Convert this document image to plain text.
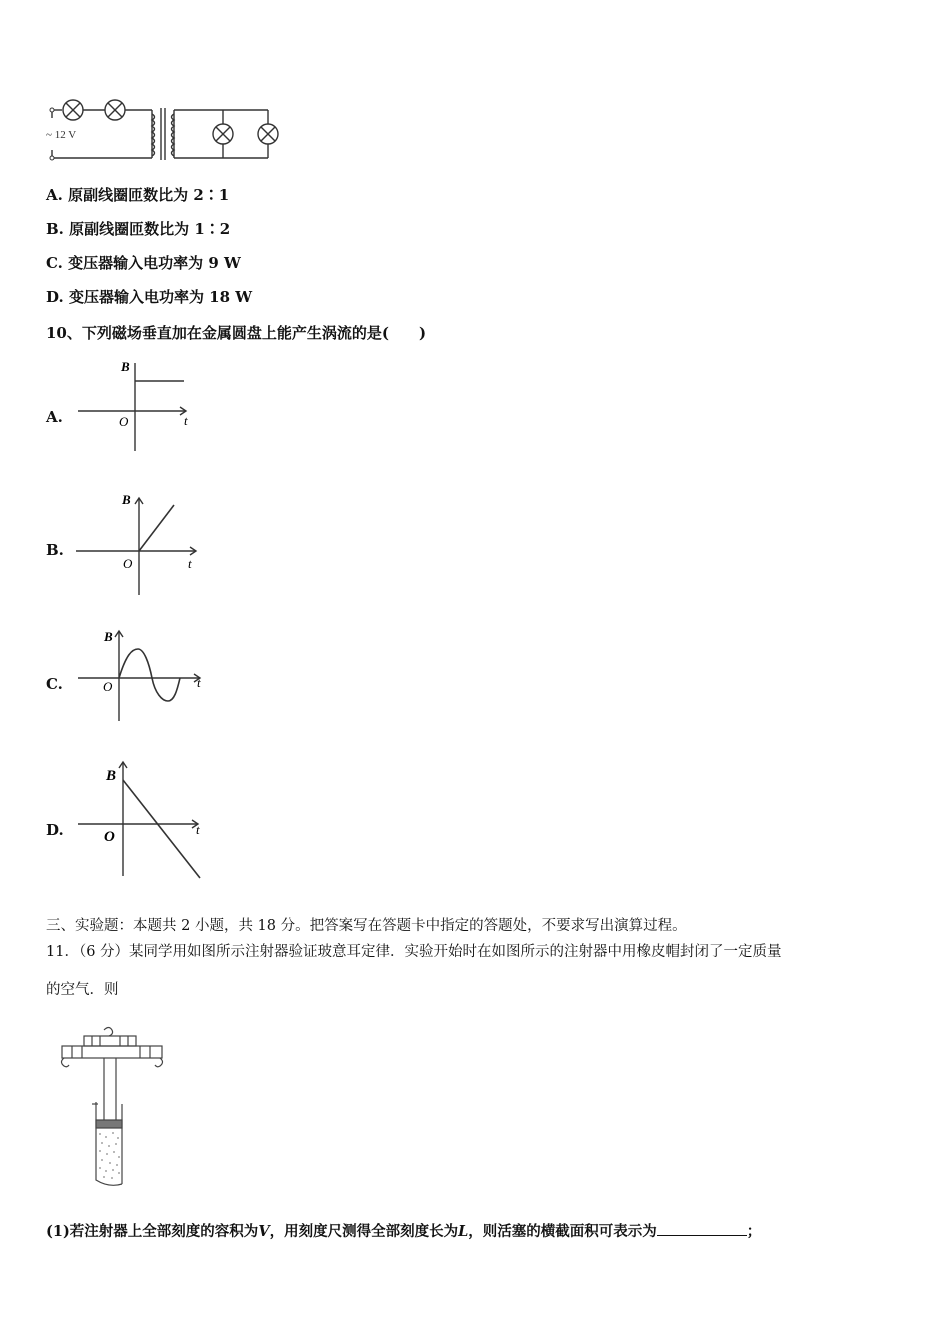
~ 12 V
A. 原副线圈匝数比为 2∶1
B. 原副线圈匝数比为 1∶2
C. 变压器输入电功率为 9 W
D. 变压器输入电功率为 18 W
10、下列磁场垂直加在金属圆盘上能产生涡流的是(　　)
A.
B
t
O
B.
B
t
O
C.
B
t
O
D.
B
t
O
三、实验题：本题共 2 小题，共 18 分。把答案写在答题卡中指定的答题处，不要求写出演算过程。
11．（6 分）某同学用如图所示注射器验证玻意耳定律．实验开始时在如图所示的注射器中用橡皮帽封闭了一定质量
的空气．则
(1)若注射器上全部刻度的容积为V，用刻度尺测得全部刻度长为L，则活塞的横截面积可表示为	；
